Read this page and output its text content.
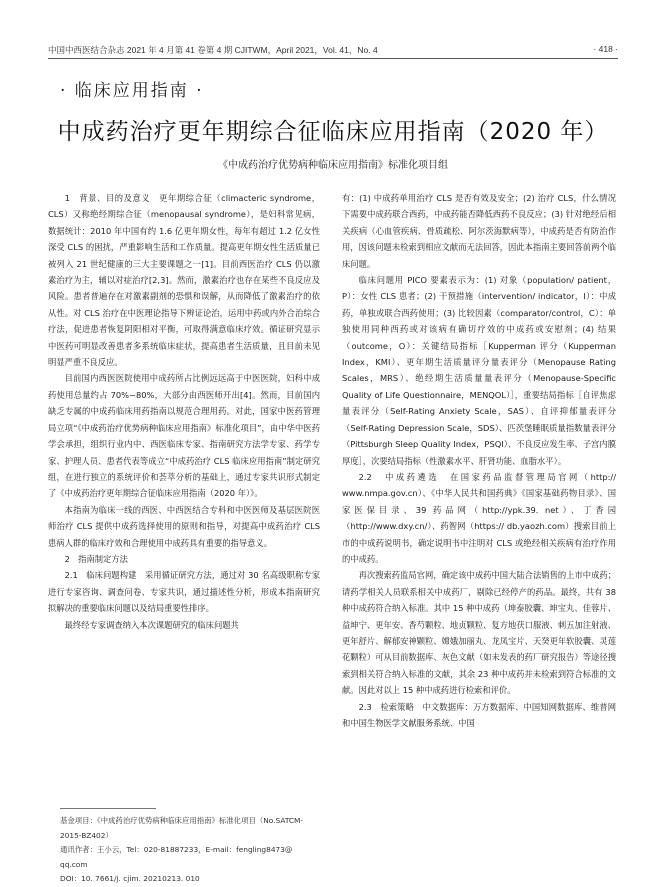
中国中西医结合杂志 2021 年 4 月第 41 卷第 4 期 CJITWM，April 2021，Vol. 41，No. 4	· 418 ·
· 临床应用指南 ·
中成药治疗更年期综合征临床应用指南（2020 年）
《中成药治疗优势病种临床应用指南》标准化项目组

1　背景、目的及意义　更年期综合征（climacteric syndrome，CLS）又称绝经期综合征（menopausal syndrome），是妇科常见病，数据统计：2010 年中国有约 1.6 亿更年期女性，每年有超过 1.2 亿女性深受 CLS 的困扰，严重影响生活和工作质量。提高更年期女性生活质量已被列入 21 世纪健康的三大主要课题之一[1]。目前西医治疗 CLS 仍以激素治疗为主，辅以对症治疗[2,3]。然而，激素治疗也存在某些不良反应及风险。患者普遍存在对激素副剂的恐惧和误解，从而降低了激素治疗的依从性。对 CLS 治疗在中医理论指导下辨证论治，运用中药或内外合治综合疗法，促进患者恢复阴阳相对平衡，可取得满意临床疗效。循证研究显示中医药可明显改善患者多系统临床症状，提高患者生活质量，且目前未见明显严重不良反应。

目前国内西医医院使用中成药所占比例远远高于中医医院，妇科中成药使用总量约占 70%~80%，大部分由西医师开出[4]。然而，目前国内缺乏专属的中成药临床用药指南以规范合理用药。对此，国家中医药管理局立项“《中成药治疗优势病种临床应用指南》标准化项目”，由中华中医药学会承担，组织行业内中、西医临床专家、指南研究方法学专家、药学专家、护理人员、患者代表等成立“中成药治疗 CLS 临床应用指南”制定研究组，在进行独立的系统评价和荟萃分析的基础上，通过专家共识形式制定了《中成药治疗更年期综合征临床应用指南（2020 年）》。

本指南为临床一线的西医、中西医结合专科和中医医师及基层医院医师治疗 CLS 提供中成药选择使用的原则和指导，对提高中成药治疗 CLS 患病人群的临床疗效和合理使用中成药具有重要的指导意义。

2　指南制定方法

2.1　临床问题构建　采用循证研究方法，通过对 30 名高级职称专家进行专家咨询、调查问卷、专家共识，通过描述性分析，形成本指南研究拟解决的重要临床问题以及结局重要性排序。

最终经专家调查纳入本次课题研究的临床问题共

有：(1) 中成药单用治疗 CLS 是否有效及安全；(2) 治疗 CLS，什么情况下需要中成药联合西药，中成药能否降低西药不良反应；(3) 针对绝经后相关疾病（心血管疾病、骨质疏松、阿尔茨海默病等），中成药是否有防治作用，因该问题未检索到相应文献而无法回答，因此本指南主要回答前两个临床问题。

临床问题用 PICO 要素表示为：(1) 对象（population/ patient，P）：女性 CLS 患者；(2) 干预措施（intervention/ indicator，I）：中成药，单独或联合西药使用；(3) 比较因素（comparator/control，C）：单独使用同种西药或对该病有确切疗效的中成药或安慰剂；(4) 结果（outcome，O）：关键结局指标［Kupperman 评分（Kupperman Index，KMI）、更年期生活质量评分量表评分（Menopause Rating Scales，MRS）、绝经期生活质量量表评分（Menopause-Specific Quality of Life Questionnaire，MENQOL）］，重要结局指标［自评焦虑量表评分（Self-Rating Anxiety Scale，SAS）、自评抑郁量表评分（Self-Rating Depression Scale，SDS）、匹茨堡睡眠质量指数量表评分（Pittsburgh Sleep Quality Index，PSQI）、不良反应发生率、子宫内膜厚度］，次要结局指标（性激素水平、肝肾功能、血脂水平）。

2.2　中成药遴选　在国家药品监督管理局官网（http:// www.nmpa.gov.cn）、《中华人民共和国药典》《国家基础药物目录》、国家医保目录、39 药品网（http://ypk.39. net）、丁香园（http://www.dxy.cn/）、药智网（https:// db.yaozh.com）搜索目前上市的中成药说明书，确定说明书中注明对 CLS 或绝经相关疾病有治疗作用的中成药。

再次搜索药监局官网，确定该中成药中国大陆合法销售的上市中成药；请药学相关人员联系相关中成药厂，剔除已经停产的药品。最终，共有 38 种中成药符合纳入标准。其中 15 种中成药（坤泰胶囊、坤宝丸、佳蓉片、益坤宁、更年安、香芍颗粒、地贞颗粒、复方地茯口服液、刺五加注射液、更年舒片、解郁安神颗粒、嫦娥加丽丸、龙凤宝片、天癸更年软胶囊、灵莲花颗粒）可从目前数据库、灰色文献（如未发表的药厂研究报告）等途径搜索到相关符合纳入标准的文献，其余 23 种中成药并未检索到符合标准的文献。因此对以上 15 种中成药进行检索和评价。

2.3　检索策略　中文数据库：万方数据库、中国知网数据库、维普网和中国生物医学文献服务系统、中国

基金项目：《中成药治疗优势病种临床应用指南》标准化项目（No.SATCM-2015-BZ402）
通讯作者：王小云，Tel：020-81887233，E-mail：fengling8473@ qq.com
DOI：10. 7661/j. cjim. 20210213. 010
